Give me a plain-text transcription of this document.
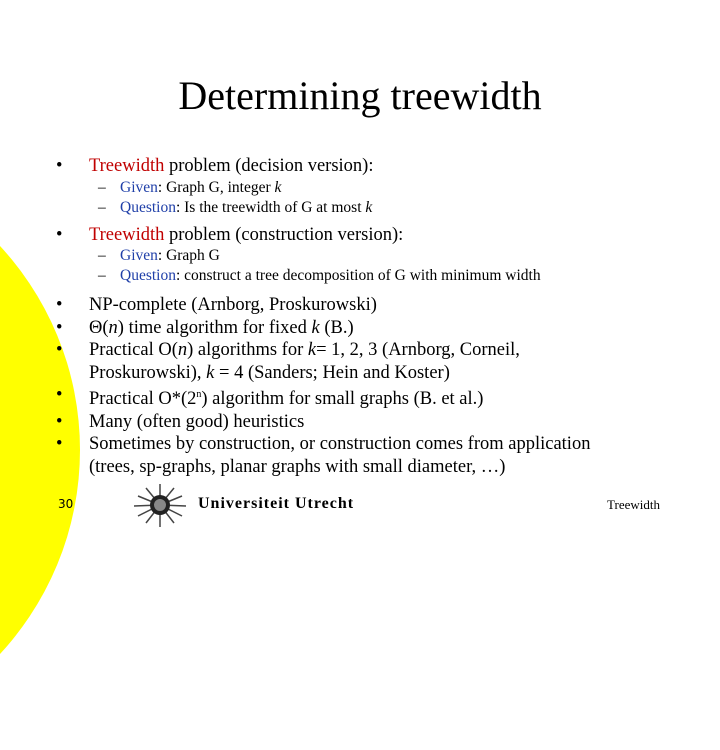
Determining treewidth
• Treewidth problem (decision version):
– Given: Graph G, integer k
– Question: Is the treewidth of G at most k
• Treewidth problem (construction version):
– Given: Graph G
– Question: construct a tree decomposition of G with minimum width
• NP-complete (Arnborg, Proskurowski)
• Θ(n) time algorithm for fixed k (B.)
• Practical O(n) algorithms for k= 1, 2, 3 (Arnborg, Corneil,
Proskurowski), k = 4 (Sanders; Hein and Koster)
• Practical O*(2$^n$) algorithm for small graphs (B. et al.)
• Many (often good) heuristics
• Sometimes by construction, or construction comes from application
(trees, sp-graphs, planar graphs with small diameter, …)
30	Universiteit Utrecht	Treewidth
